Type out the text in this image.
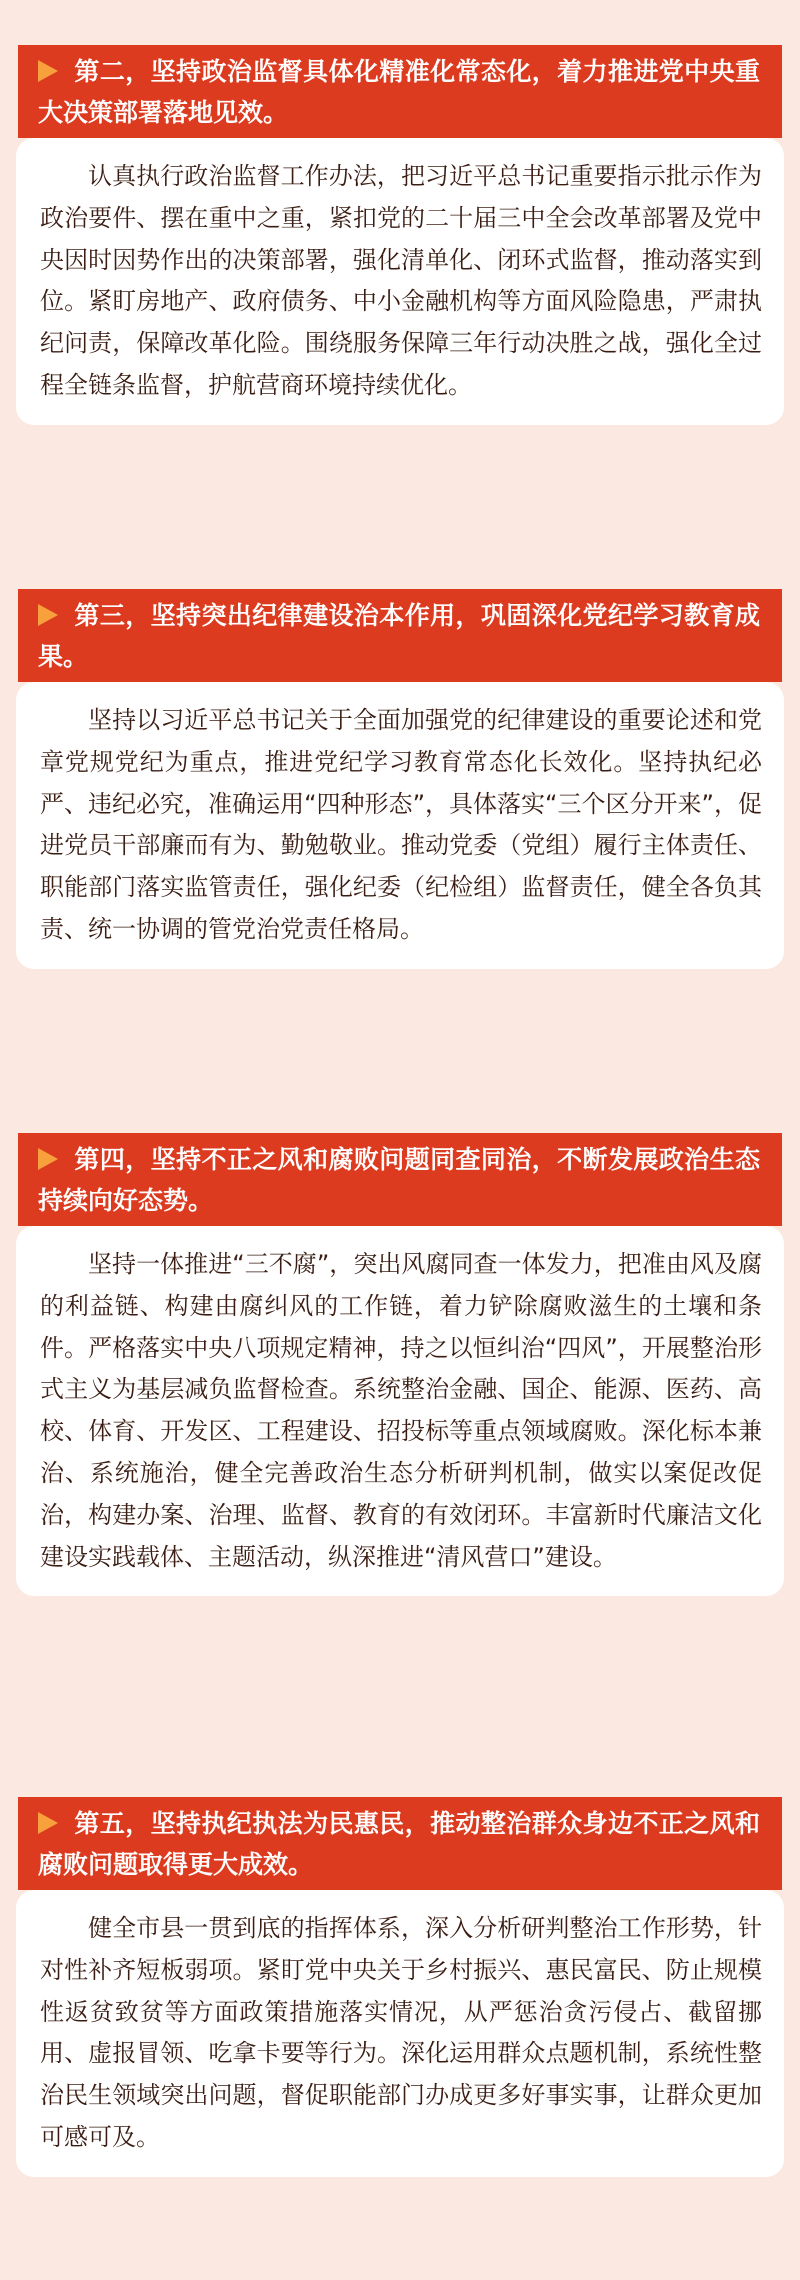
第二，坚持政治监督具体化精准化常态化，着力推进党中央重大决策部署落地见效。
认真执行政治监督工作办法，把习近平总书记重要指示批示作为政治要件、摆在重中之重，紧扣党的二十届三中全会改革部署及党中央因时因势作出的决策部署，强化清单化、闭环式监督，推动落实到位。紧盯房地产、政府债务、中小金融机构等方面风险隐患，严肃执纪问责，保障改革化险。围绕服务保障三年行动决胜之战，强化全过程全链条监督，护航营商环境持续优化。
第三，坚持突出纪律建设治本作用，巩固深化党纪学习教育成果。
坚持以习近平总书记关于全面加强党的纪律建设的重要论述和党章党规党纪为重点，推进党纪学习教育常态化长效化。坚持执纪必严、违纪必究，准确运用“四种形态”，具体落实“三个区分开来”，促进党员干部廉而有为、勤勉敬业。推动党委（党组）履行主体责任、职能部门落实监管责任，强化纪委（纪检组）监督责任，健全各负其责、统一协调的管党治党责任格局。
第四，坚持不正之风和腐败问题同查同治，不断发展政治生态持续向好态势。
坚持一体推进“三不腐”，突出风腐同查一体发力，把准由风及腐的利益链、构建由腐纠风的工作链，着力铲除腐败滋生的土壤和条件。严格落实中央八项规定精神，持之以恒纠治“四风”，开展整治形式主义为基层减负监督检查。系统整治金融、国企、能源、医药、高校、体育、开发区、工程建设、招投标等重点领域腐败。深化标本兼治、系统施治，健全完善政治生态分析研判机制，做实以案促改促治，构建办案、治理、监督、教育的有效闭环。丰富新时代廉洁文化建设实践载体、主题活动，纵深推进“清风营口”建设。
第五，坚持执纪执法为民惠民，推动整治群众身边不正之风和腐败问题取得更大成效。
健全市县一贯到底的指挥体系，深入分析研判整治工作形势，针对性补齐短板弱项。紧盯党中央关于乡村振兴、惠民富民、防止规模性返贫致贫等方面政策措施落实情况，从严惩治贪污侵占、截留挪用、虚报冒领、吃拿卡要等行为。深化运用群众点题机制，系统性整治民生领域突出问题，督促职能部门办成更多好事实事，让群众更加可感可及。
